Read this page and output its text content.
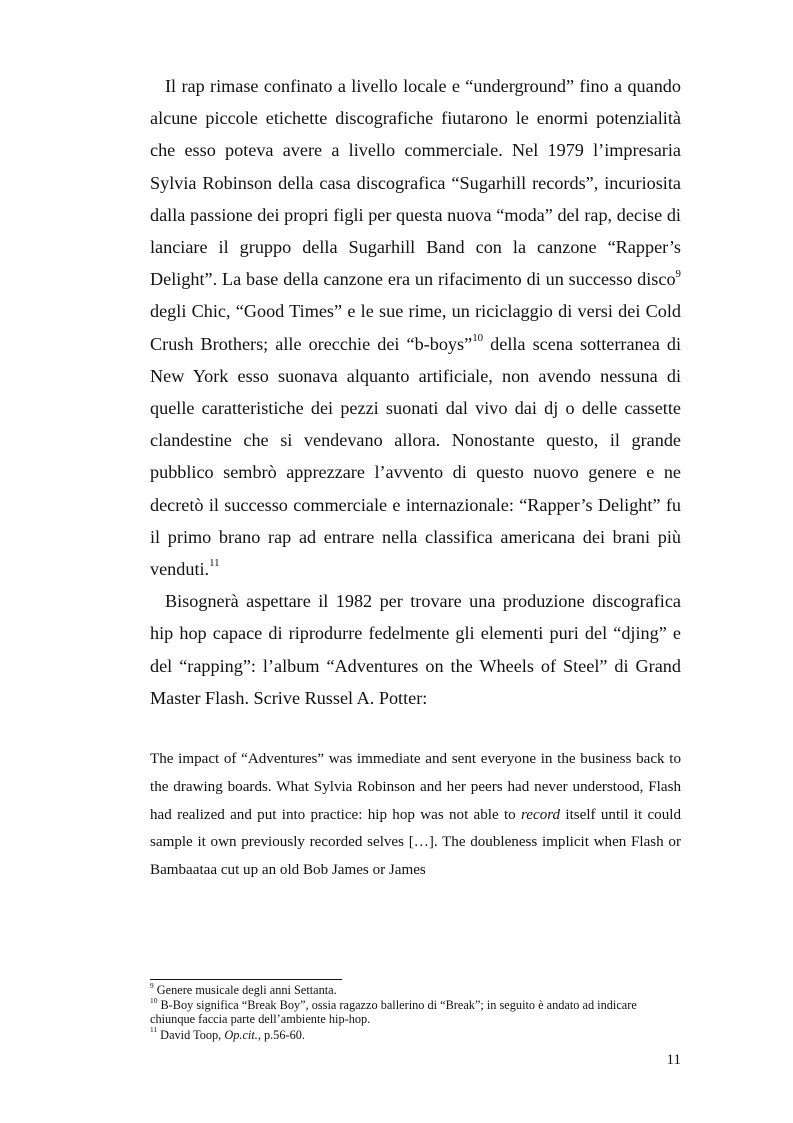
Il rap rimase confinato a livello locale e “underground” fino a quando alcune piccole etichette discografiche fiutarono le enormi potenzialità che esso poteva avere a livello commerciale. Nel 1979 l’impresaria Sylvia Robinson della casa discografica “Sugarhill records”, incuriosita dalla passione dei propri figli per questa nuova “moda” del rap, decise di lanciare il gruppo della Sugarhill Band con la canzone “Rapper’s Delight”. La base della canzone era un rifacimento di un successo disco$^9$ degli Chic, “Good Times” e le sue rime, un riciclaggio di versi dei Cold Crush Brothers; alle orecchie dei “b-boys”$^{10}$ della scena sotterranea di New York esso suonava alquanto artificiale, non avendo nessuna di quelle caratteristiche dei pezzi suonati dal vivo dai dj o delle cassette clandestine che si vendevano allora. Nonostante questo, il grande pubblico sembrò apprezzare l’avvento di questo nuovo genere e ne decretò il successo commerciale e internazionale: “Rapper’s Delight” fu il primo brano rap ad entrare nella classifica americana dei brani più venduti.$^{11}$

Bisognerà aspettare il 1982 per trovare una produzione discografica hip hop capace di riprodurre fedelmente gli elementi puri del “djing” e del “rapping”: l’album “Adventures on the Wheels of Steel” di Grand Master Flash. Scrive Russel A. Potter:

The impact of “Adventures” was immediate and sent everyone in the business back to the drawing boards. What Sylvia Robinson and her peers had never understood, Flash had realized and put into practice: hip hop was not able to record itself until it could sample it own previously recorded selves […]. The doubleness implicit when Flash or Bambaataa cut up an old Bob James or James

$^9$ Genere musicale degli anni Settanta.

$^{10}$ B-Boy significa “Break Boy”, ossia ragazzo ballerino di “Break”; in seguito è andato ad indicare chiunque faccia parte dell’ambiente hip-hop.

$^{11}$ David Toop, Op.cit., p.56-60.

11
